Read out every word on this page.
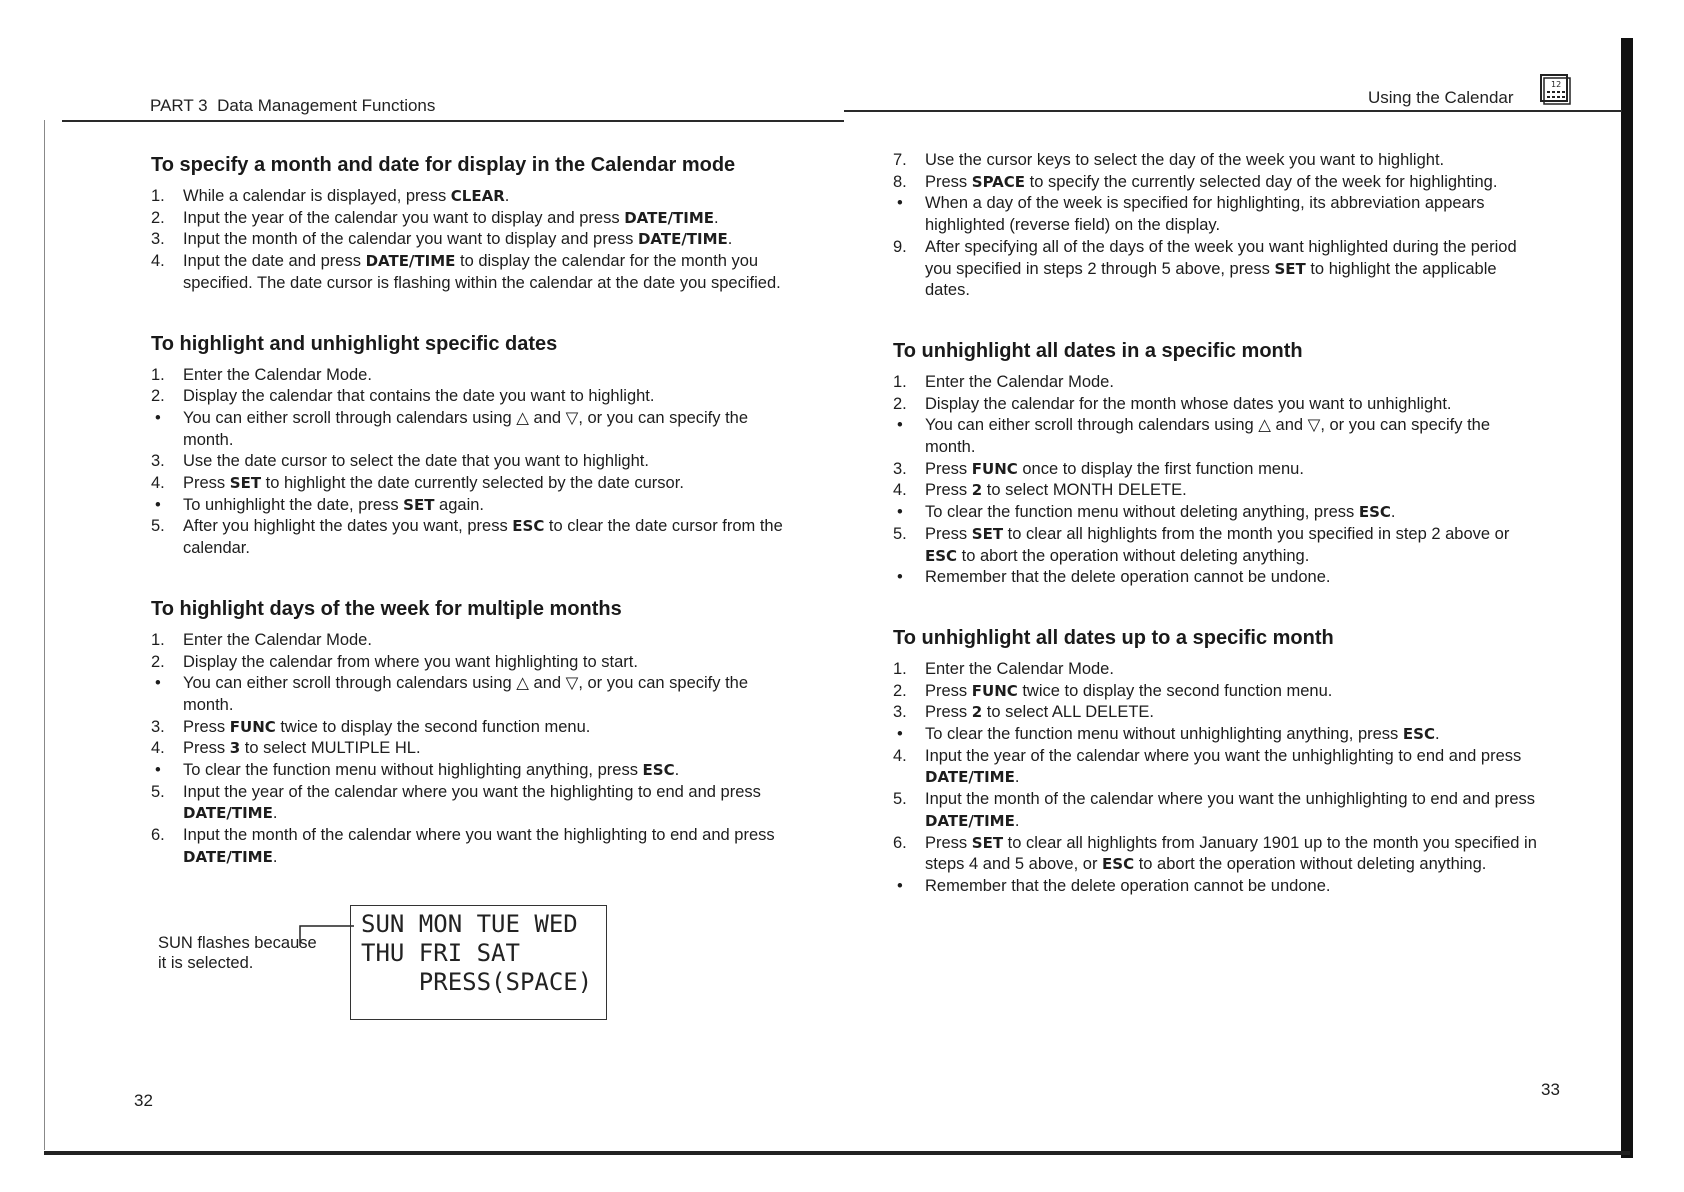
PART 3 Data Management Functions	Using the Calendar
12
To specify a month and date for display in the Calendar mode
1.	While a calendar is displayed, press CLEAR.
2.	Input the year of the calendar you want to display and press DATE/TIME.
3.	Input the month of the calendar you want to display and press DATE/TIME.
4.	Input the date and press DATE/TIME to display the calendar for the month you specified. The date cursor is flashing within the calendar at the date you specified.
To highlight and unhighlight specific dates
1.	Enter the Calendar Mode.
2.	Display the calendar that contains the date you want to highlight.
• You can either scroll through calendars using △ and ▽, or you can specify the month.
3.	Use the date cursor to select the date that you want to highlight.
4.	Press SET to highlight the date currently selected by the date cursor.
• To unhighlight the date, press SET again.
5.	After you highlight the dates you want, press ESC to clear the date cursor from the calendar.
To highlight days of the week for multiple months
1.	Enter the Calendar Mode.
2.	Display the calendar from where you want highlighting to start.
• You can either scroll through calendars using △ and ▽, or you can specify the month.
3.	Press FUNC twice to display the second function menu.
4.	Press 3 to select MULTIPLE HL.
• To clear the function menu without highlighting anything, press ESC.
5.	Input the year of the calendar where you want the highlighting to end and press DATE/TIME.
6.	Input the month of the calendar where you want the highlighting to end and press DATE/TIME.
7.	Use the cursor keys to select the day of the week you want to highlight.
8.	Press SPACE to specify the currently selected day of the week for highlighting.
• When a day of the week is specified for highlighting, its abbreviation appears highlighted (reverse field) on the display.
9.	After specifying all of the days of the week you want highlighted during the period you specified in steps 2 through 5 above, press SET to highlight the applicable dates.
To unhighlight all dates in a specific month
1.	Enter the Calendar Mode.
2.	Display the calendar for the month whose dates you want to unhighlight.
• You can either scroll through calendars using △ and ▽, or you can specify the month.
3.	Press FUNC once to display the first function menu.
4.	Press 2 to select MONTH DELETE.
• To clear the function menu without deleting anything, press ESC.
5.	Press SET to clear all highlights from the month you specified in step 2 above or ESC to abort the operation without deleting anything.
• Remember that the delete operation cannot be undone.
To unhighlight all dates up to a specific month
1.	Enter the Calendar Mode.
2.	Press FUNC twice to display the second function menu.
3.	Press 2 to select ALL DELETE.
• To clear the function menu without unhighlighting anything, press ESC.
4.	Input the year of the calendar where you want the unhighlighting to end and press DATE/TIME.
5.	Input the month of the calendar where you want the unhighlighting to end and press DATE/TIME.
6.	Press SET to clear all highlights from January 1901 up to the month you specified in steps 4 and 5 above, or ESC to abort the operation without deleting anything.
• Remember that the delete operation cannot be undone.
SUN flashes because
it is selected.
SUN MON TUE WED
THU FRI SAT
PRESS(SPACE)
32
33
